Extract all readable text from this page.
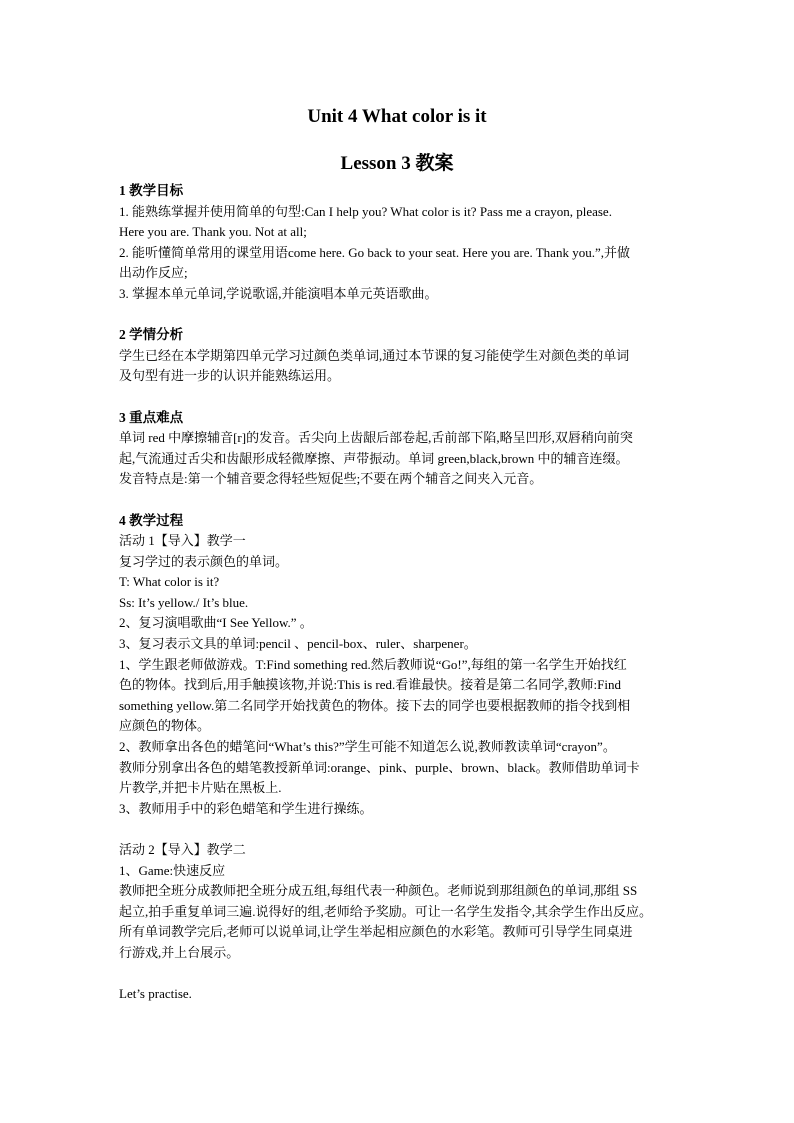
Unit 4 What color is it
Lesson 3 教案
1 教学目标
1. 能熟练掌握并使用简单的句型:Can I help you? What color is it? Pass me a crayon, please.
Here you are. Thank you. Not at all;
2. 能听懂简单常用的课堂用语come here. Go back to your seat. Here you are. Thank you.”,并做
出动作反应;
3. 掌握本单元单词,学说歌谣,并能演唱本单元英语歌曲。
2 学情分析
学生已经在本学期第四单元学习过颜色类单词,通过本节课的复习能使学生对颜色类的单词
及句型有进一步的认识并能熟练运用。
3 重点难点
单词 red 中摩擦辅音[r]的发音。舌尖向上齿龈后部卷起,舌前部下陷,略呈凹形,双唇稍向前突
起,气流通过舌尖和齿龈形成轻微摩擦、声带振动。单词 green,black,brown 中的辅音连缀。
发音特点是:第一个辅音要念得轻些短促些;不要在两个辅音之间夹入元音。
4 教学过程
活动 1【导入】教学一
复习学过的表示颜色的单词。
T: What color is it?
Ss: It’s yellow./ It’s blue.
2、复习演唱歌曲“I See Yellow.” 。
3、复习表示文具的单词:pencil 、pencil-box、ruler、sharpener。
1、学生跟老师做游戏。T:Find something red.然后教师说“Go!”,每组的第一名学生开始找红
色的物体。找到后,用手触摸该物,并说:This is red.看谁最快。接着是第二名同学,教师:Find
something yellow.第二名同学开始找黄色的物体。接下去的同学也要根据教师的指令找到相
应颜色的物体。
2、教师拿出各色的蜡笔问“What’s this?”学生可能不知道怎么说,教师教读单词“crayon”。
教师分别拿出各色的蜡笔教授新单词:orange、pink、purple、brown、black。教师借助单词卡
片教学,并把卡片贴在黑板上.
3、教师用手中的彩色蜡笔和学生进行操练。

活动 2【导入】教学二
1、Game:快速反应
教师把全班分成教师把全班分成五组,每组代表一种颜色。老师说到那组颜色的单词,那组 SS
起立,拍手重复单词三遍.说得好的组,老师给予奖励。可让一名学生发指令,其余学生作出反应。
所有单词教学完后,老师可以说单词,让学生举起相应颜色的水彩笔。教师可引导学生同桌进
行游戏,并上台展示。

Let’s practise.
